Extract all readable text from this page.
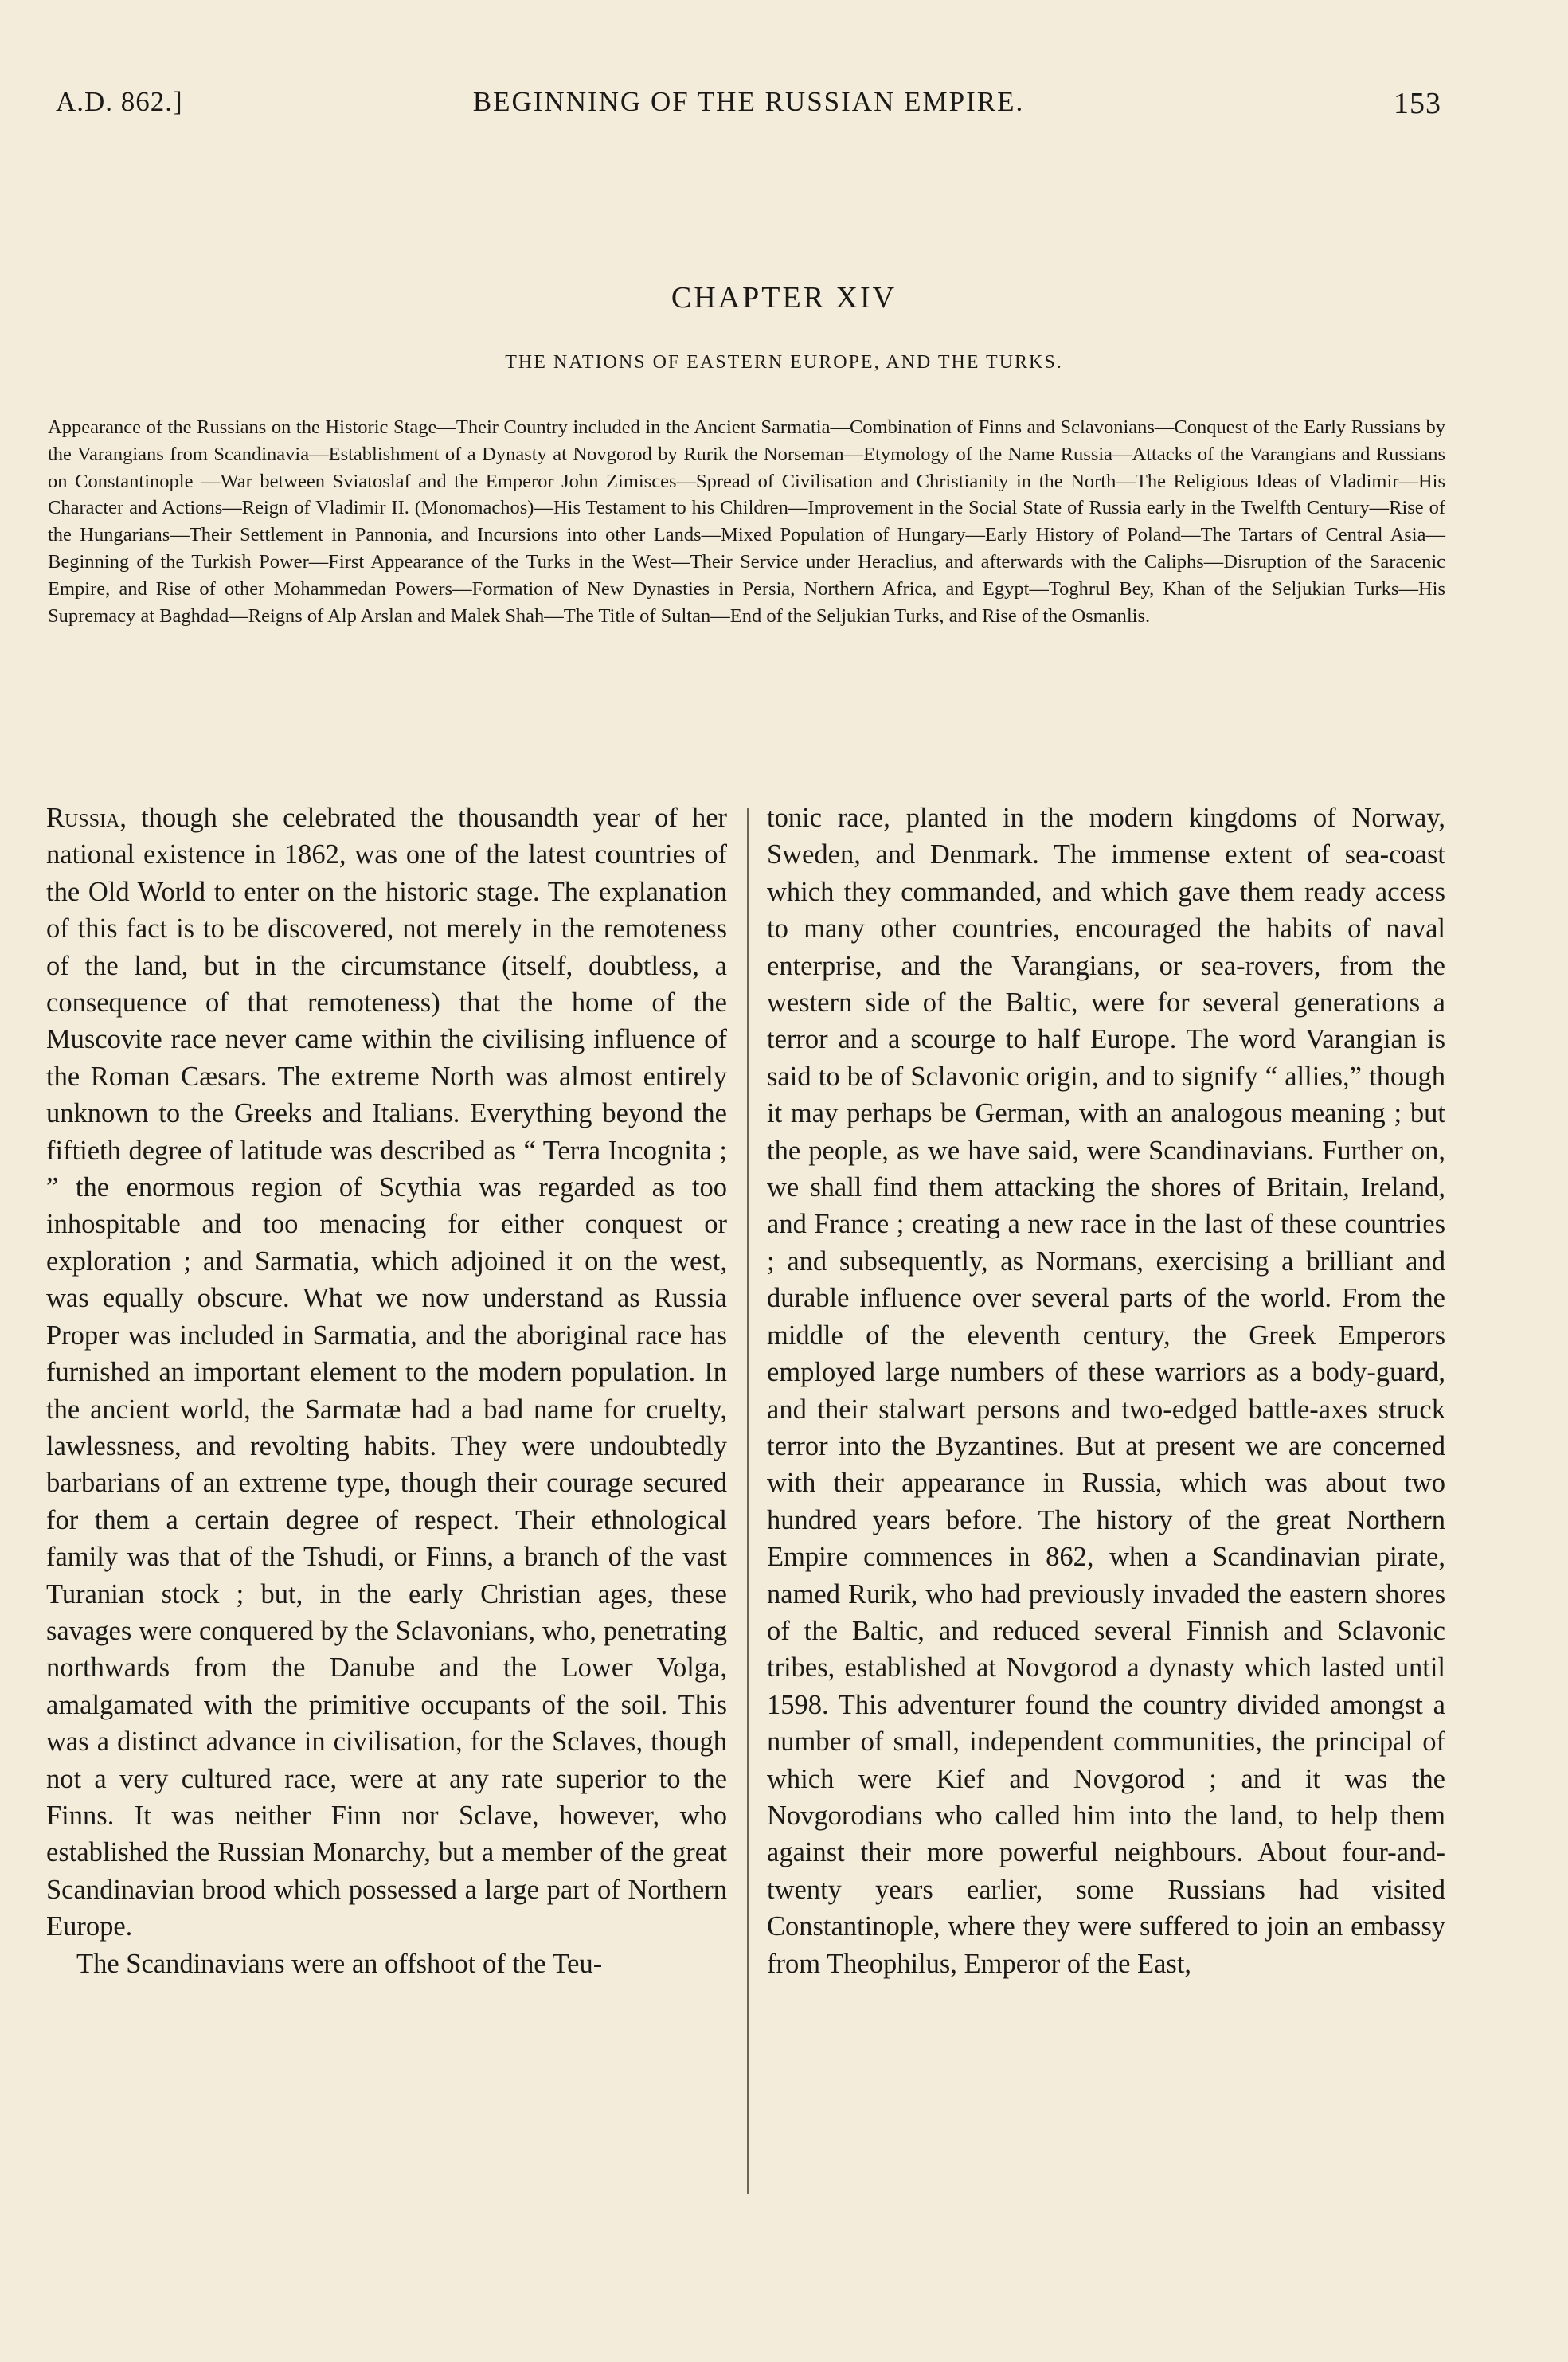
A.D. 862.]	BEGINNING OF THE RUSSIAN EMPIRE.	153
CHAPTER XIV
THE NATIONS OF EASTERN EUROPE, AND THE TURKS.
Appearance of the Russians on the Historic Stage—Their Country included in the Ancient Sarmatia—Combination of Finns and Sclavonians—Conquest of the Early Russians by the Varangians from Scandinavia—Establishment of a Dynasty at Novgorod by Rurik the Norseman—Etymology of the Name Russia—Attacks of the Varangians and Russians on Constantinople —War between Sviatoslaf and the Emperor John Zimisces—Spread of Civilisation and Christianity in the North—The Religious Ideas of Vladimir—His Character and Actions—Reign of Vladimir II. (Monomachos)—His Testament to his Children—Improvement in the Social State of Russia early in the Twelfth Century—Rise of the Hungarians—Their Settlement in Pannonia, and Incursions into other Lands—Mixed Population of Hungary—Early History of Poland—The Tartars of Central Asia—Beginning of the Turkish Power—First Appearance of the Turks in the West—Their Service under Heraclius, and afterwards with the Caliphs—Disruption of the Saracenic Empire, and Rise of other Mohammedan Powers—Formation of New Dynasties in Persia, Northern Africa, and Egypt—Toghrul Bey, Khan of the Seljukian Turks—His Supremacy at Baghdad—Reigns of Alp Arslan and Malek Shah—The Title of Sultan—End of the Seljukian Turks, and Rise of the Osmanlis.

Russia, though she celebrated the thousandth year of her national existence in 1862, was one of the latest countries of the Old World to enter on the historic stage. The explanation of this fact is to be discovered, not merely in the remoteness of the land, but in the circumstance (itself, doubtless, a consequence of that remoteness) that the home of the Muscovite race never came within the civilising influence of the Roman Cæsars. The extreme North was almost entirely unknown to the Greeks and Italians. Everything beyond the fiftieth degree of latitude was described as “ Terra Incognita ; ” the enormous region of Scythia was regarded as too inhospitable and too menacing for either conquest or exploration ; and Sarmatia, which adjoined it on the west, was equally obscure. What we now understand as Russia Proper was included in Sarmatia, and the aboriginal race has furnished an important element to the modern population. In the ancient world, the Sarmatæ had a bad name for cruelty, lawlessness, and revolting habits. They were undoubtedly barbarians of an extreme type, though their courage secured for them a certain degree of respect. Their ethnological family was that of the Tshudi, or Finns, a branch of the vast Turanian stock ; but, in the early Christian ages, these savages were conquered by the Sclavonians, who, penetrating northwards from the Danube and the Lower Volga, amalgamated with the primitive occupants of the soil. This was a distinct advance in civilisation, for the Sclaves, though not a very cultured race, were at any rate superior to the Finns. It was neither Finn nor Sclave, however, who established the Russian Monarchy, but a member of the great Scandinavian brood which possessed a large part of Northern Europe.

The Scandinavians were an offshoot of the Teu-

tonic race, planted in the modern kingdoms of Norway, Sweden, and Denmark. The immense extent of sea-coast which they commanded, and which gave them ready access to many other countries, encouraged the habits of naval enterprise, and the Varangians, or sea-rovers, from the western side of the Baltic, were for several generations a terror and a scourge to half Europe. The word Varangian is said to be of Sclavonic origin, and to signify “ allies,” though it may perhaps be German, with an analogous meaning ; but the people, as we have said, were Scandinavians. Further on, we shall find them attacking the shores of Britain, Ireland, and France ; creating a new race in the last of these countries ; and subsequently, as Normans, exercising a brilliant and durable influence over several parts of the world. From the middle of the eleventh century, the Greek Emperors employed large numbers of these warriors as a body-guard, and their stalwart persons and two-edged battle-axes struck terror into the Byzantines. But at present we are concerned with their appearance in Russia, which was about two hundred years before. The history of the great Northern Empire commences in 862, when a Scandinavian pirate, named Rurik, who had previously invaded the eastern shores of the Baltic, and reduced several Finnish and Sclavonic tribes, established at Novgorod a dynasty which lasted until 1598. This adventurer found the country divided amongst a number of small, independent communities, the principal of which were Kief and Novgorod ; and it was the Novgorodians who called him into the land, to help them against their more powerful neighbours. About four-and-twenty years earlier, some Russians had visited Constantinople, where they were suffered to join an embassy from Theophilus, Emperor of the East,
